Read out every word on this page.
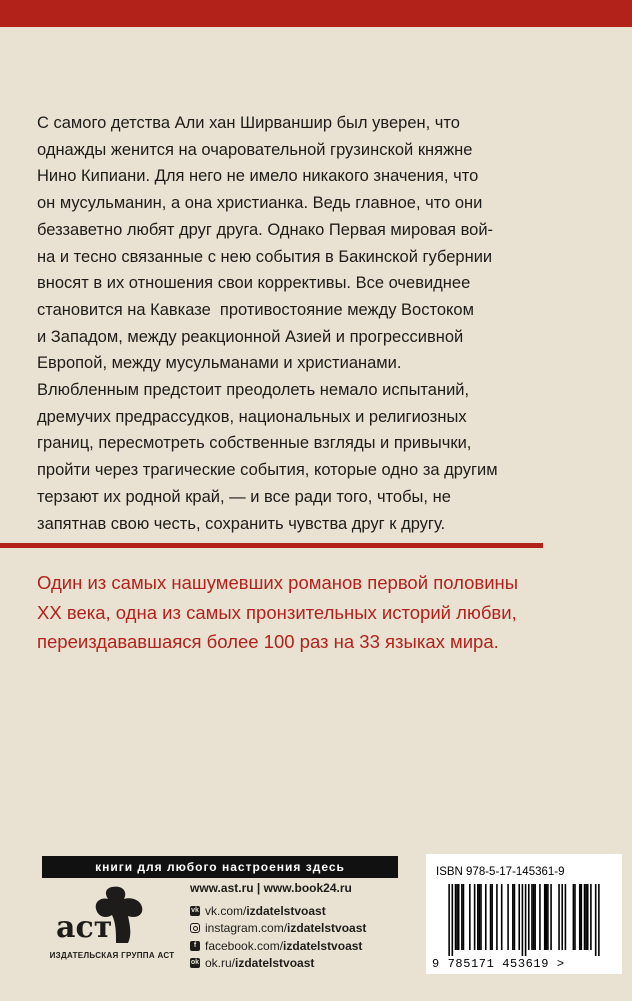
С самого детства Али хан Ширваншир был уверен, что
однажды женится на очаровательной грузинской княжне
Нино Кипиани. Для него не имело никакого значения, что
он мусульманин, а она христианка. Ведь главное, что они
беззаветно любят друг друга. Однако Первая мировая вой-
на и тесно связанные с нею события в Бакинской губернии
вносят в их отношения свои коррективы. Все очевиднее
становится на Кавказе  противостояние между Востоком
и Западом, между реакционной Азией и прогрессивной
Европой, между мусульманами и христианами.
Влюбленным предстоит преодолеть немало испытаний,
дремучих предрассудков, национальных и религиозных
границ, пересмотреть собственные взгляды и привычки,
пройти через трагические события, которые одно за другим
терзают их родной край, — и все ради того, чтобы, не
запятнав свою честь, сохранить чувства друг к другу.
Один из самых нашумевших романов первой половины
XX века, одна из самых пронзительных историй любви,
переиздававшаяся более 100 раз на 33 языках мира.
книги для любого настроения здесь
аст
ИЗДАТЕЛЬСКАЯ ГРУППА АСТ
www.ast.ru | www.book24.ru
vk vk.com/ izdatelstvoast
instagram.com/ izdatelstvoast
f facebook.com/ izdatelstvoast
ok ok.ru/ izdatelstvoast
ISBN 978-5-17-145361-9
9 785171 453619 >
